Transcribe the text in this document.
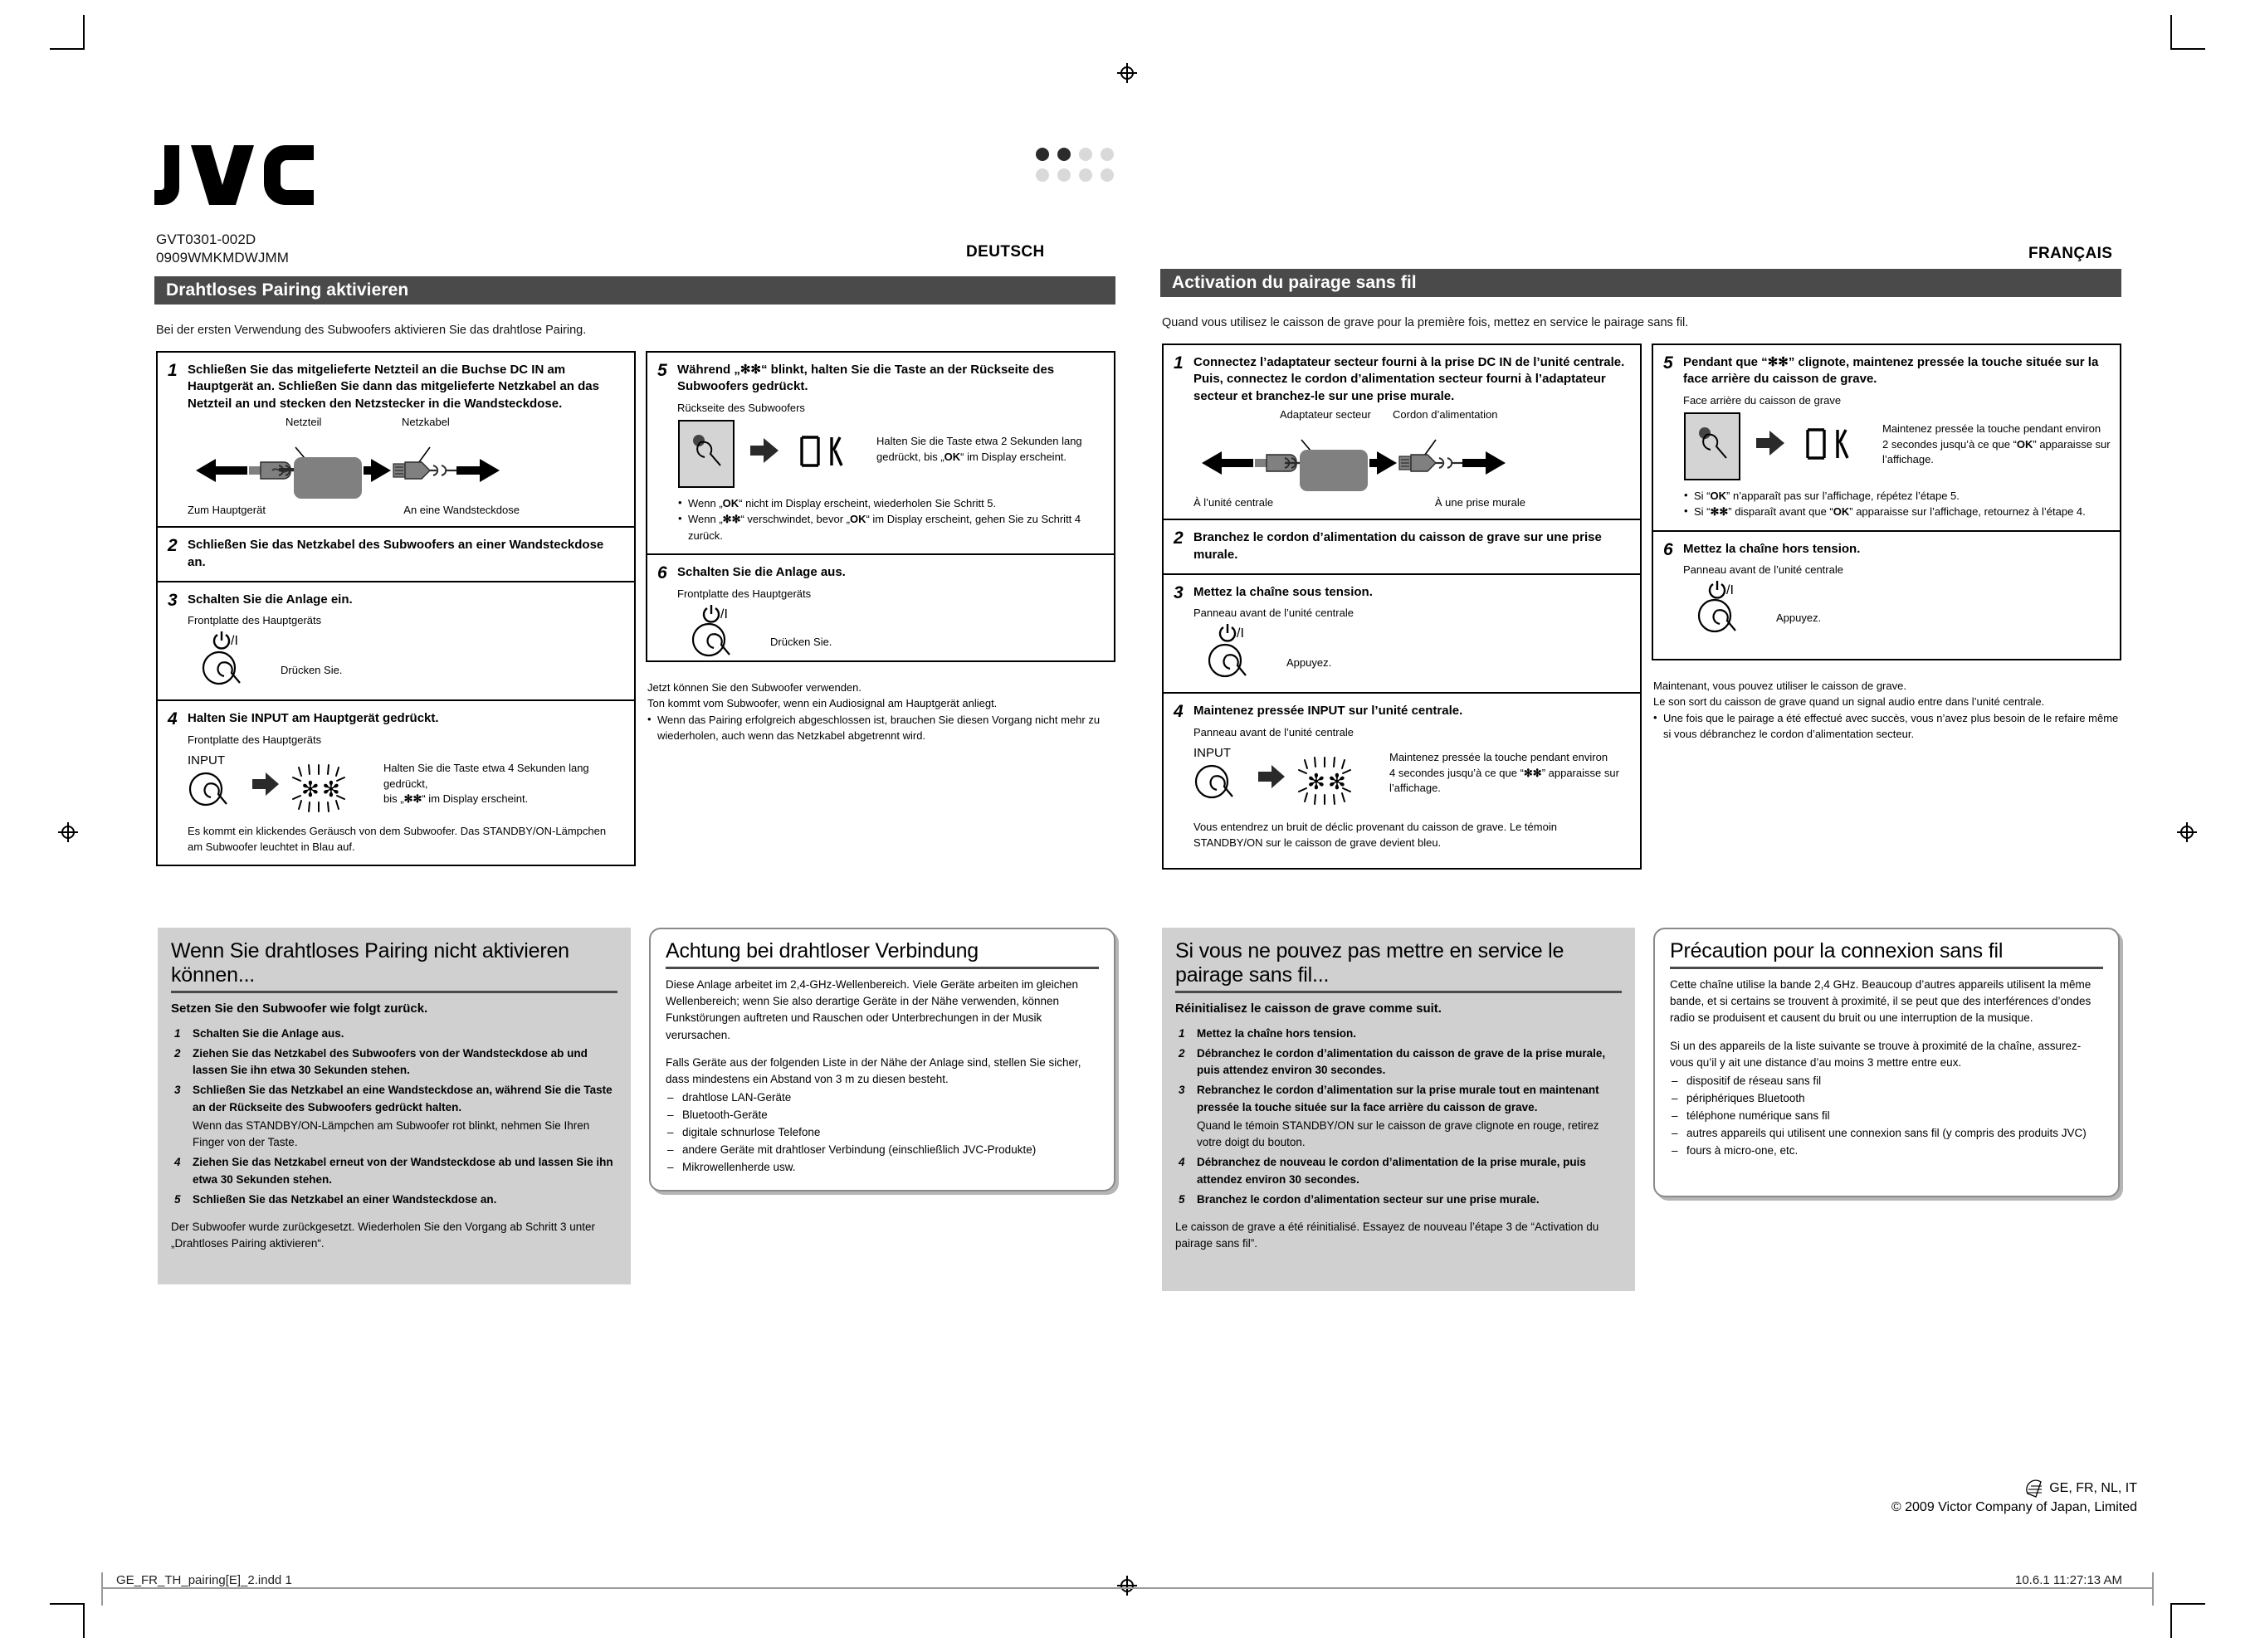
GVT0301-002D
0909WMKMDWJMM	DEUTSCH	FRANÇAIS
Drahtloses Pairing aktivieren
Bei der ersten Verwendung des Subwoofers aktivieren Sie das drahtlose Pairing.
1 Schließen Sie das mitgelieferte Netzteil an die Buchse DC IN am Hauptgerät an. Schließen Sie dann das mitgelieferte Netzkabel an das Netzteil an und stecken den Netzstecker in die Wandsteckdose.
Netzteil	Netzkabel
Zum Hauptgerät	An eine Wandsteckdose
2 Schließen Sie das Netzkabel des Subwoofers an einer Wandsteckdose an.
3 Schalten Sie die Anlage ein.
Frontplatte des Hauptgeräts
/I
Drücken Sie.
4 Halten Sie INPUT am Hauptgerät gedrückt.
Frontplatte des Hauptgeräts
INPUT
✻ ✻
Halten Sie die Taste etwa 4 Sekunden lang gedrückt,
bis „✻✻“ im Display erscheint.
Es kommt ein klickendes Geräusch von dem Subwoofer. Das STANDBY/ON-Lämpchen am Subwoofer leuchtet in Blau auf.
5 Während „✻✻“ blinkt, halten Sie die Taste an der Rückseite des Subwoofers gedrückt.
Rückseite des Subwoofers
Halten Sie die Taste etwa 2 Sekunden lang
gedrückt, bis „OK“ im Display erscheint.
• Wenn „OK“ nicht im Display erscheint, wiederholen Sie Schritt 5.
• Wenn „✻✻“ verschwindet, bevor „OK“ im Display erscheint, gehen Sie zu Schritt 4 zurück.
6 Schalten Sie die Anlage aus.
Frontplatte des Hauptgeräts
/I
Drücken Sie.
Jetzt können Sie den Subwoofer verwenden.
Ton kommt vom Subwoofer, wenn ein Audiosignal am Hauptgerät anliegt.
• Wenn das Pairing erfolgreich abgeschlossen ist, brauchen Sie diesen Vorgang nicht mehr zu wiederholen, auch wenn das Netzkabel abgetrennt wird.
Activation du pairage sans fil
Quand vous utilisez le caisson de grave pour la première fois, mettez en service le pairage sans fil.
1 Connectez l’adaptateur secteur fourni à la prise DC IN de l’unité centrale. Puis, connectez le cordon d’alimentation secteur fourni à l’adaptateur secteur et branchez-le sur une prise murale.
Adaptateur secteur Cordon d’alimentation
À l’unité centrale	À une prise murale
2 Branchez le cordon d’alimentation du caisson de grave sur une prise murale.
3 Mettez la chaîne sous tension.
Panneau avant de l’unité centrale
/I
Appuyez.
4 Maintenez pressée INPUT sur l’unité centrale.
Panneau avant de l’unité centrale
INPUT
✻ ✻
Maintenez pressée la touche pendant environ
4 secondes jusqu’à ce que “✻✻” apparaisse sur
l’affichage.
Vous entendrez un bruit de déclic provenant du caisson de grave. Le témoin STANDBY/ON sur le caisson de grave devient bleu.
5 Pendant que “✻✻” clignote, maintenez pressée la touche située sur la face arrière du caisson de grave.
Face arrière du caisson de grave
Maintenez pressée la touche pendant environ
2 secondes jusqu’à ce que “OK” apparaisse sur
l’affichage.
• Si “OK” n’apparaît pas sur l’affichage, répétez l’étape 5.
• Si “✻✻” disparaît avant que “OK” apparaisse sur l’affichage, retournez à l’étape 4.
6 Mettez la chaîne hors tension.
Panneau avant de l’unité centrale
/I
Appuyez.
Maintenant, vous pouvez utiliser le caisson de grave.
Le son sort du caisson de grave quand un signal audio entre dans l’unité centrale.
• Une fois que le pairage a été effectué avec succès, vous n’avez plus besoin de le refaire même si vous débranchez le cordon d’alimentation secteur.
Wenn Sie drahtloses Pairing nicht aktivieren können...
Setzen Sie den Subwoofer wie folgt zurück.
1 Schalten Sie die Anlage aus.
2 Ziehen Sie das Netzkabel des Subwoofers von der Wandsteckdose ab und lassen Sie ihn etwa 30 Sekunden stehen.
3 Schließen Sie das Netzkabel an eine Wandsteckdose an, während Sie die Taste an der Rückseite des Subwoofers gedrückt halten.
Wenn das STANDBY/ON-Lämpchen am Subwoofer rot blinkt, nehmen Sie Ihren Finger von der Taste.
4 Ziehen Sie das Netzkabel erneut von der Wandsteckdose ab und lassen Sie ihn etwa 30 Sekunden stehen.
5 Schließen Sie das Netzkabel an einer Wandsteckdose an.
Der Subwoofer wurde zurückgesetzt. Wiederholen Sie den Vorgang ab Schritt 3 unter „Drahtloses Pairing aktivieren“.
Achtung bei drahtloser Verbindung
Diese Anlage arbeitet im 2,4-GHz-Wellenbereich. Viele Geräte arbeiten im gleichen Wellenbereich; wenn Sie also derartige Geräte in der Nähe verwenden, können Funkstörungen auftreten und Rauschen oder Unterbrechungen in der Musik verursachen.
Falls Geräte aus der folgenden Liste in der Nähe der Anlage sind, stellen Sie sicher, dass mindestens ein Abstand von 3 m zu diesen besteht.
– drahtlose LAN-Geräte
– Bluetooth-Geräte
– digitale schnurlose Telefone
– andere Geräte mit drahtloser Verbindung (einschließlich JVC-Produkte)
– Mikrowellenherde usw.
Si vous ne pouvez pas mettre en service le pairage sans fil...
Réinitialisez le caisson de grave comme suit.
1 Mettez la chaîne hors tension.
2 Débranchez le cordon d’alimentation du caisson de grave de la prise murale, puis attendez environ 30 secondes.
3 Rebranchez le cordon d’alimentation sur la prise murale tout en maintenant pressée la touche située sur la face arrière du caisson de grave.
Quand le témoin STANDBY/ON sur le caisson de grave clignote en rouge, retirez votre doigt du bouton.
4 Débranchez de nouveau le cordon d’alimentation de la prise murale, puis attendez environ 30 secondes.
5 Branchez le cordon d’alimentation secteur sur une prise murale.
Le caisson de grave a été réinitialisé. Essayez de nouveau l’étape 3 de “Activation du pairage sans fil”.
Précaution pour la connexion sans fil
Cette chaîne utilise la bande 2,4 GHz. Beaucoup d’autres appareils utilisent la même bande, et si certains se trouvent à proximité, il se peut que des interférences d’ondes radio se produisent et causent du bruit ou une interruption de la musique.
Si un des appareils de la liste suivante se trouve à proximité de la chaîne, assurez-vous qu’il y ait une distance d’au moins 3 mettre entre eux.
– dispositif de réseau sans fil
– périphériques Bluetooth
– téléphone numérique sans fil
– autres appareils qui utilisent une connexion sans fil (y compris des produits JVC)
– fours à micro-one, etc.
GE, FR, NL, IT
© 2009 Victor Company of Japan, Limited
GE_FR_TH_pairing[E]_2.indd 1	10.6.1 11:27:13 AM
